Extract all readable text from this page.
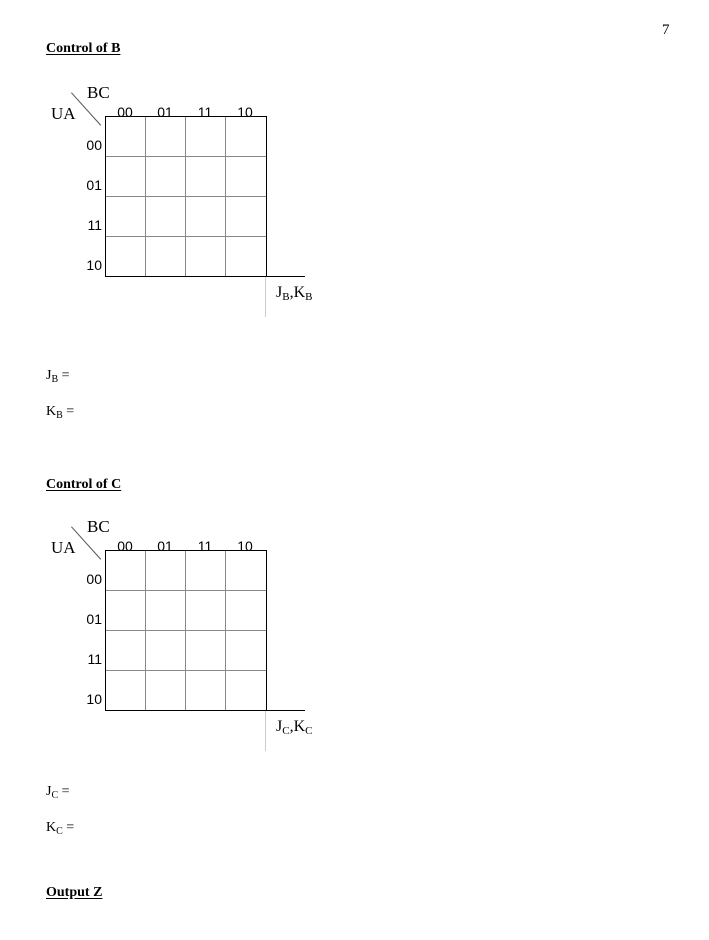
7
Control of B
BC
UA	00	01	11	10
00
01
11
10
$J_B,K_B$
$J_B$ =
$K_B$ =
Control of C
BC
UA	00	01	11	10
00
01
11
10
$J_C,K_C$
$J_C$ =
$K_C$ =
Output Z
